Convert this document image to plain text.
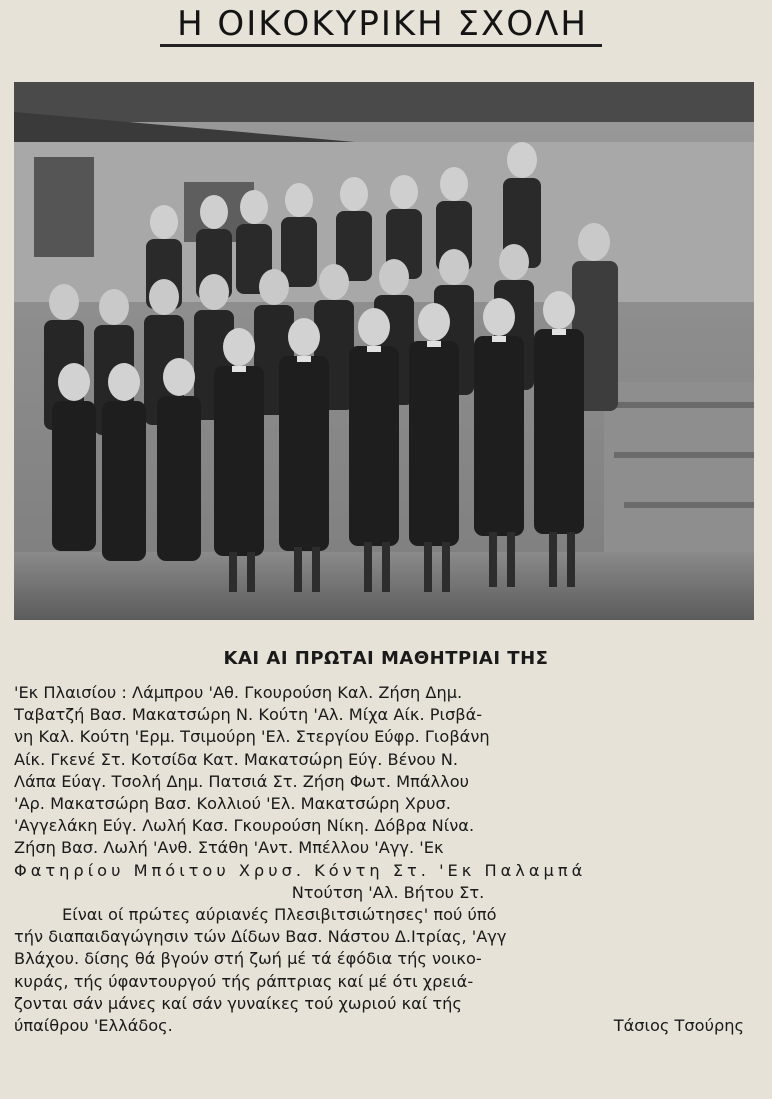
Η ΟΙΚΟΚΥΡΙΚΗ ΣΧΟΛΗ
ΚΑΙ ΑΙ ΠΡΩΤΑΙ ΜΑΘΗΤΡΙΑΙ ΤΗΣ
'Εκ Πλαισίου : Λάμπρου 'Αθ. Γκουρούση Καλ. Ζήση Δημ.
Ταβατζή Βασ. Μακατσώρη Ν. Κούτη 'Αλ. Μίχα Αίκ. Ρισβά-
νη Καλ. Κούτη 'Ερμ. Τσιμούρη 'Ελ. Στεργίου Εύφρ. Γιοβάνη
Αίκ. Γκενέ Στ. Κοτσίδα Κατ. Μακατσώρη Εύγ. Βένου Ν.
Λάπα Εύαγ. Τσολή Δημ. Πατσιά Στ. Ζήση Φωτ. Μπάλλου
'Αρ. Μακατσώρη Βασ. Κολλιού 'Ελ. Μακατσώρη Χρυσ.
'Αγγελάκη Εύγ. Λωλή Κασ. Γκουρούση Νίκη. Δόβρα Νίνα.
Ζήση Βασ. Λωλή 'Ανθ. Στάθη 'Αντ. Μπέλλου 'Αγγ. 'Εκ
Φατηρίου Μπόιτου Χρυσ. Κόντη Στ. 'Εκ Παλαμπά
Ντούτση 'Αλ. Βήτου Στ.
Είναι οί πρώτες αύριανές Πλεσιβιτσιώτησες' πού ύπό
τήν διαπαιδαγώγησιν τών Δίδων Βασ. Νάστου Δ.Ιτρίας, 'Αγγ
Βλάχου. δίσης θά βγούν στή ζωή μέ τά έφόδια τής νοικο-
κυράς, τής ύφαντουργού τής ράπτριας καί μέ ότι χρειά-
ζονται σάν μάνες καί σάν γυναίκες τού χωριού καί τής
ύπαίθρου 'Ελλάδος.	Τάσιος Τσούρης
